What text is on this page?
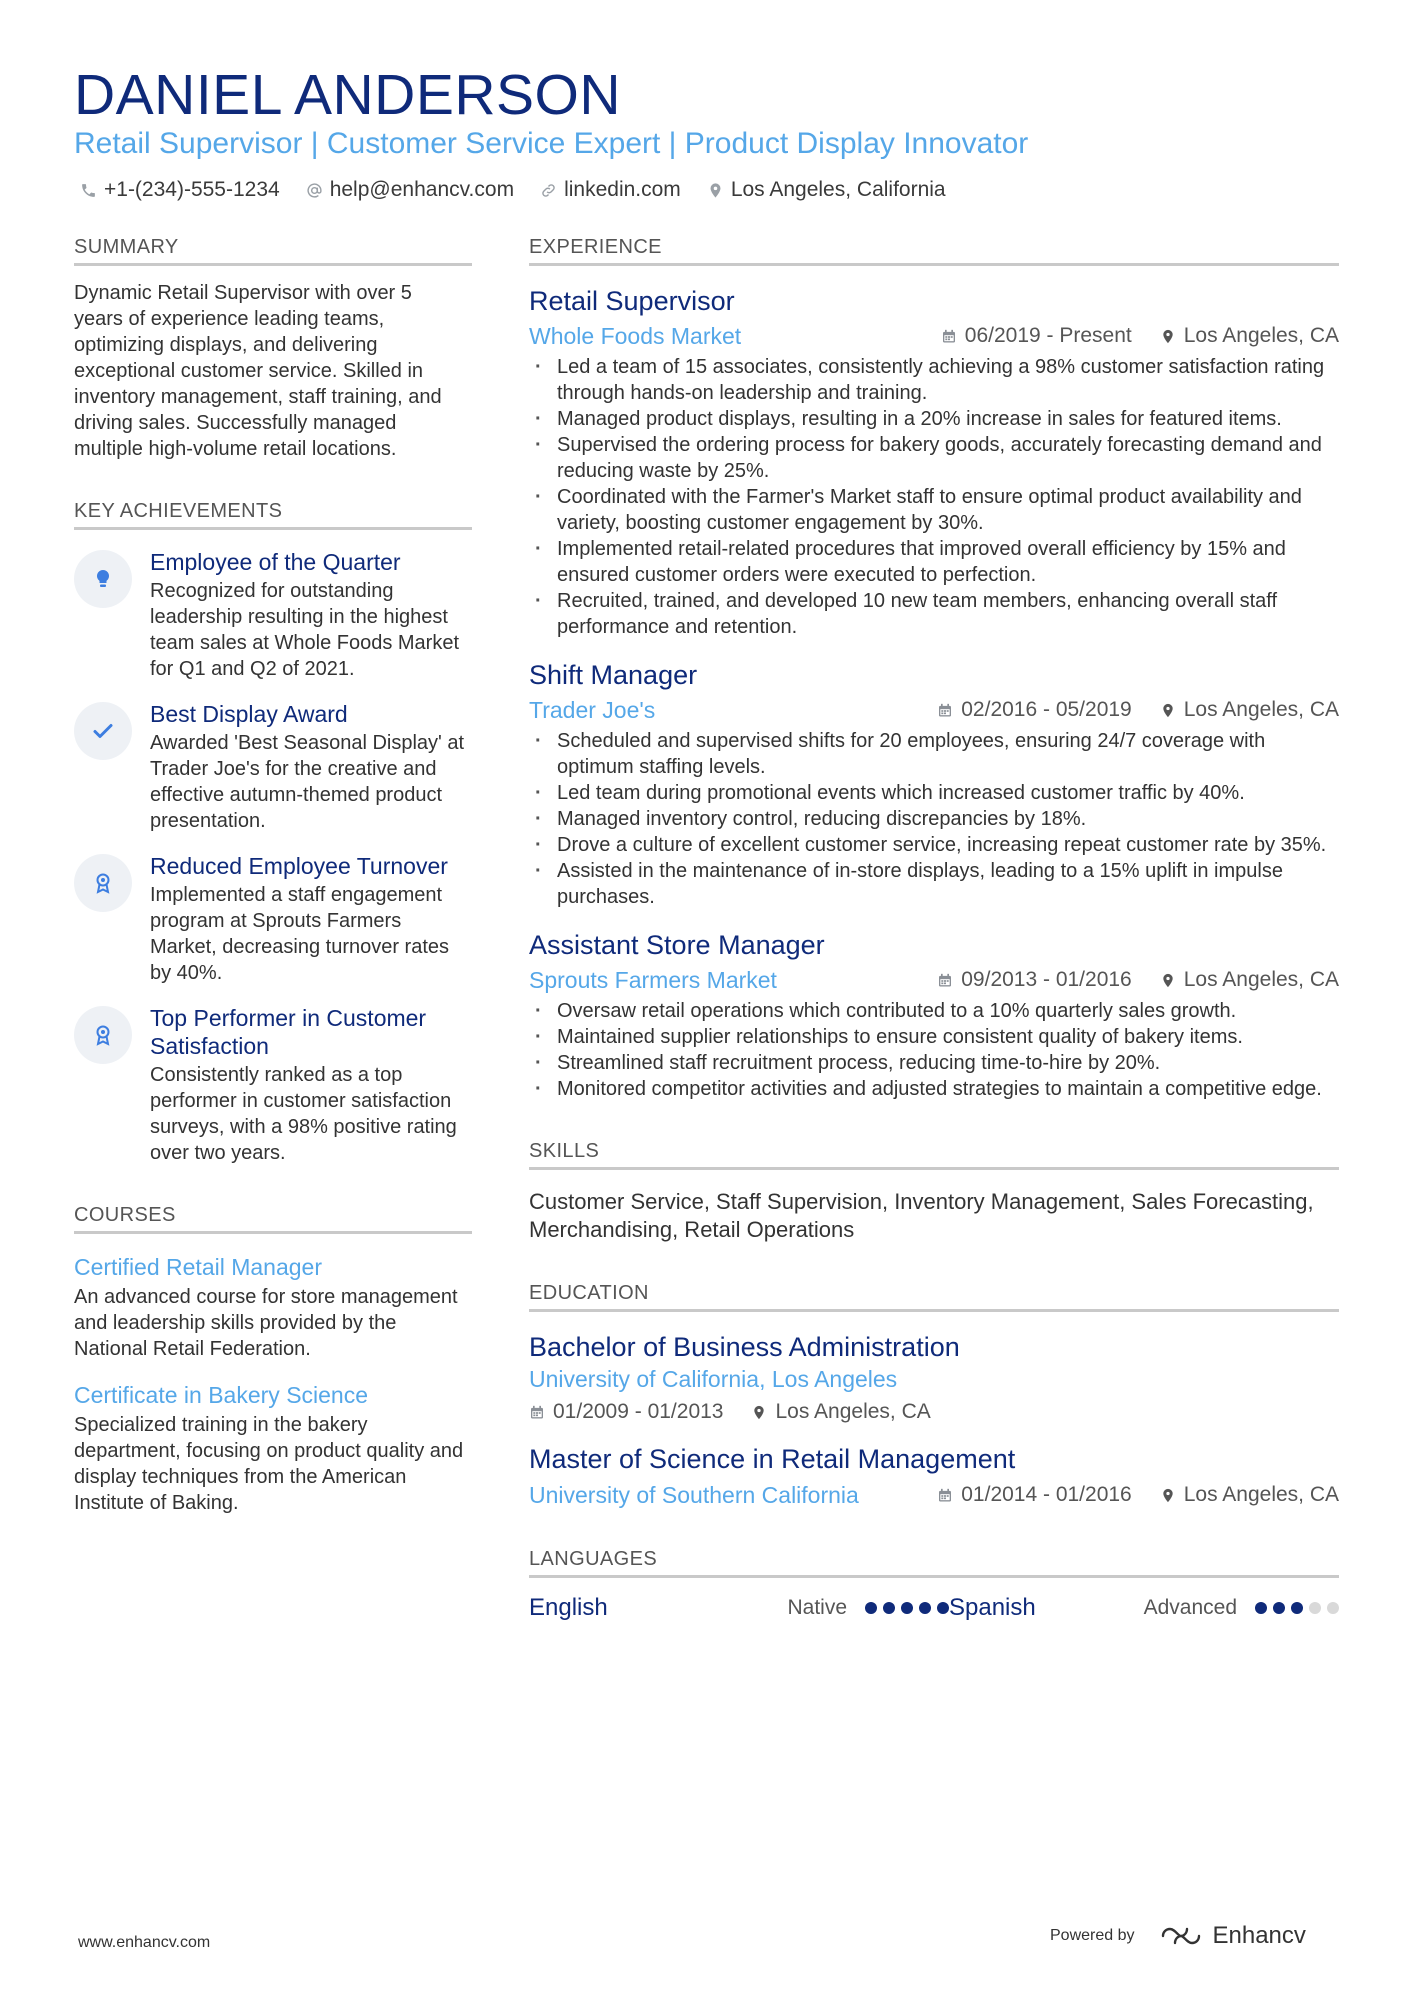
DANIEL ANDERSON
Retail Supervisor | Customer Service Expert | Product Display Innovator
+1-(234)-555-1234 help@enhancv.com linkedin.com Los Angeles, California
SUMMARY
Dynamic Retail Supervisor with over 5 years of experience leading teams, optimizing displays, and delivering exceptional customer service. Skilled in inventory management, staff training, and driving sales. Successfully managed multiple high-volume retail locations.
KEY ACHIEVEMENTS
Employee of the Quarter
Recognized for outstanding leadership resulting in the highest team sales at Whole Foods Market for Q1 and Q2 of 2021.
Best Display Award
Awarded 'Best Seasonal Display' at Trader Joe's for the creative and effective autumn-themed product presentation.
Reduced Employee Turnover
Implemented a staff engagement program at Sprouts Farmers Market, decreasing turnover rates by 40%.
Top Performer in Customer Satisfaction
Consistently ranked as a top performer in customer satisfaction surveys, with a 98% positive rating over two years.
COURSES
Certified Retail Manager
An advanced course for store management and leadership skills provided by the National Retail Federation.
Certificate in Bakery Science
Specialized training in the bakery department, focusing on product quality and display techniques from the American Institute of Baking.
EXPERIENCE
Retail Supervisor
Whole Foods Market	06/2019 - Present Los Angeles, CA
· Led a team of 15 associates, consistently achieving a 98% customer satisfaction rating through hands-on leadership and training.
· Managed product displays, resulting in a 20% increase in sales for featured items.
· Supervised the ordering process for bakery goods, accurately forecasting demand and reducing waste by 25%.
· Coordinated with the Farmer's Market staff to ensure optimal product availability and variety, boosting customer engagement by 30%.
· Implemented retail-related procedures that improved overall efficiency by 15% and ensured customer orders were executed to perfection.
· Recruited, trained, and developed 10 new team members, enhancing overall staff performance and retention.
Shift Manager
Trader Joe's	02/2016 - 05/2019 Los Angeles, CA
· Scheduled and supervised shifts for 20 employees, ensuring 24/7 coverage with optimum staffing levels.
· Led team during promotional events which increased customer traffic by 40%.
· Managed inventory control, reducing discrepancies by 18%.
· Drove a culture of excellent customer service, increasing repeat customer rate by 35%.
· Assisted in the maintenance of in-store displays, leading to a 15% uplift in impulse purchases.
Assistant Store Manager
Sprouts Farmers Market	09/2013 - 01/2016 Los Angeles, CA
· Oversaw retail operations which contributed to a 10% quarterly sales growth.
· Maintained supplier relationships to ensure consistent quality of bakery items.
· Streamlined staff recruitment process, reducing time-to-hire by 20%.
· Monitored competitor activities and adjusted strategies to maintain a competitive edge.
SKILLS
Customer Service, Staff Supervision, Inventory Management, Sales Forecasting, Merchandising, Retail Operations
EDUCATION
Bachelor of Business Administration
University of California, Los Angeles
01/2009 - 01/2013 Los Angeles, CA
Master of Science in Retail Management
University of Southern California	01/2014 - 01/2016 Los Angeles, CA
LANGUAGES
English	Native	Spanish	Advanced
www.enhancv.com	Powered by	Enhancv
